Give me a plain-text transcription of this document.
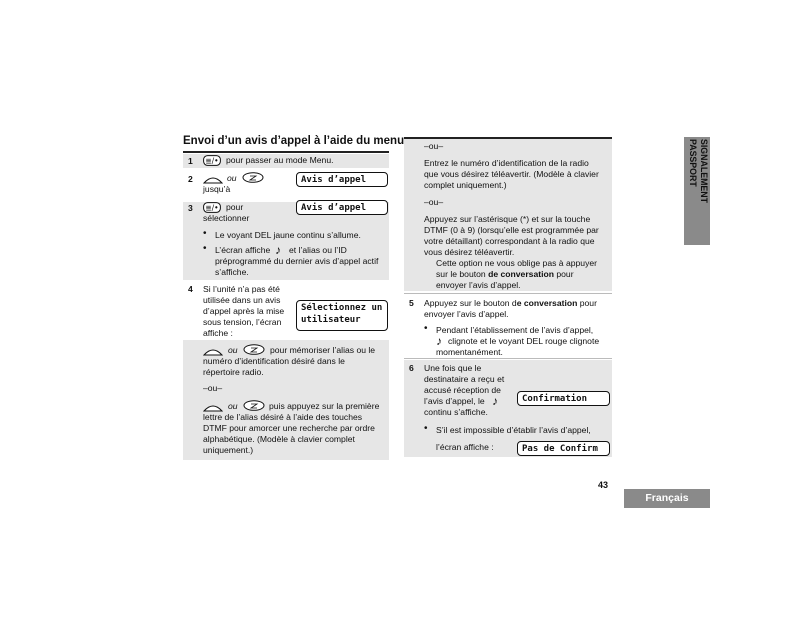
Envoi d’un avis d’appel à l’aide du menu
1 ≣/• pour passer au mode Menu.
2	ou
jusqu’à
Avis d’appel
3 ≣/• pour
sélectionner
Avis d’appel
• Le voyant DEL jaune continu s’allume.
• L’écran affiche ♪ et l’alias ou l’ID
préprogrammé du dernier avis d’appel actif
s’affiche.
4 Si l’unité n’a pas été
utilisée dans un avis
d’appel après la mise
sous tension, l’écran
affiche :
Sélectionnez un
utilisateur
ou	pour mémoriser l’alias ou le
numéro d’identification désiré dans le
répertoire radio.
–ou–
ou	puis appuyez sur la première
lettre de l’alias désiré à l’aide des touches
DTMF pour amorcer une recherche par ordre
alphabétique. (Modèle à clavier complet
uniquement.)
–ou–
Entrez le numéro d’identification de la radio
que vous désirez téléavertir. (Modèle à clavier
complet uniquement.)
–ou–
Appuyez sur l’astérisque (*) et sur la touche
DTMF (0 à 9) (lorsqu’elle est programmée par
votre détaillant) correspondant à la radio que
vous désirez téléavertir.
Cette option ne vous oblige pas à appuyer
sur le bouton de conversation pour
envoyer l’avis d’appel.
5 Appuyez sur le bouton de conversation pour
envoyer l’avis d’appel.
• Pendant l’établissement de l’avis d’appel,
♪ clignote et le voyant DEL rouge clignote
momentanément.
6 Une fois que le
destinataire a reçu et
accusé réception de
l’avis d’appel, le ♪
continu s’affiche.
Confirmation
• S’il est impossible d’établir l’avis d’appel,
l’écran affiche :	Pas de Confirm
SIGNALEMENT PASSPORT
43
Français
